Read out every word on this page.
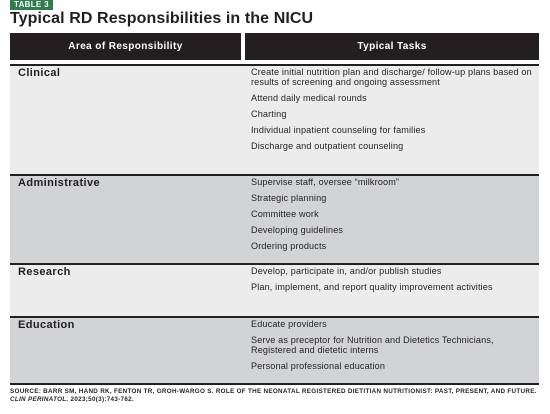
TABLE 3
Typical RD Responsibilities in the NICU
Area of Responsibility	Typical Tasks
Clinical	Create initial nutrition plan and discharge/ follow-up plans based on results of screening and ongoing assessment
Attend daily medical rounds
Charting
Individual inpatient counseling for families
Discharge and outpatient counseling
Administrative	Supervise staff, oversee “milkroom”
Strategic planning
Committee work
Developing guidelines
Ordering products
Research	Develop, participate in, and/or publish studies
Plan, implement, and report quality improvement activities
Education	Educate providers
Serve as preceptor for Nutrition and Dietetics Technicians, Registered and dietetic interns
Personal professional education
SOURCE: BARR SM, HAND RK, FENTON TR, GROH-WARGO S. ROLE OF THE NEONATAL REGISTERED DIETITIAN NUTRITIONIST: PAST, PRESENT, AND FUTURE. CLIN PERINATOL. 2023;50(3):743-762.
